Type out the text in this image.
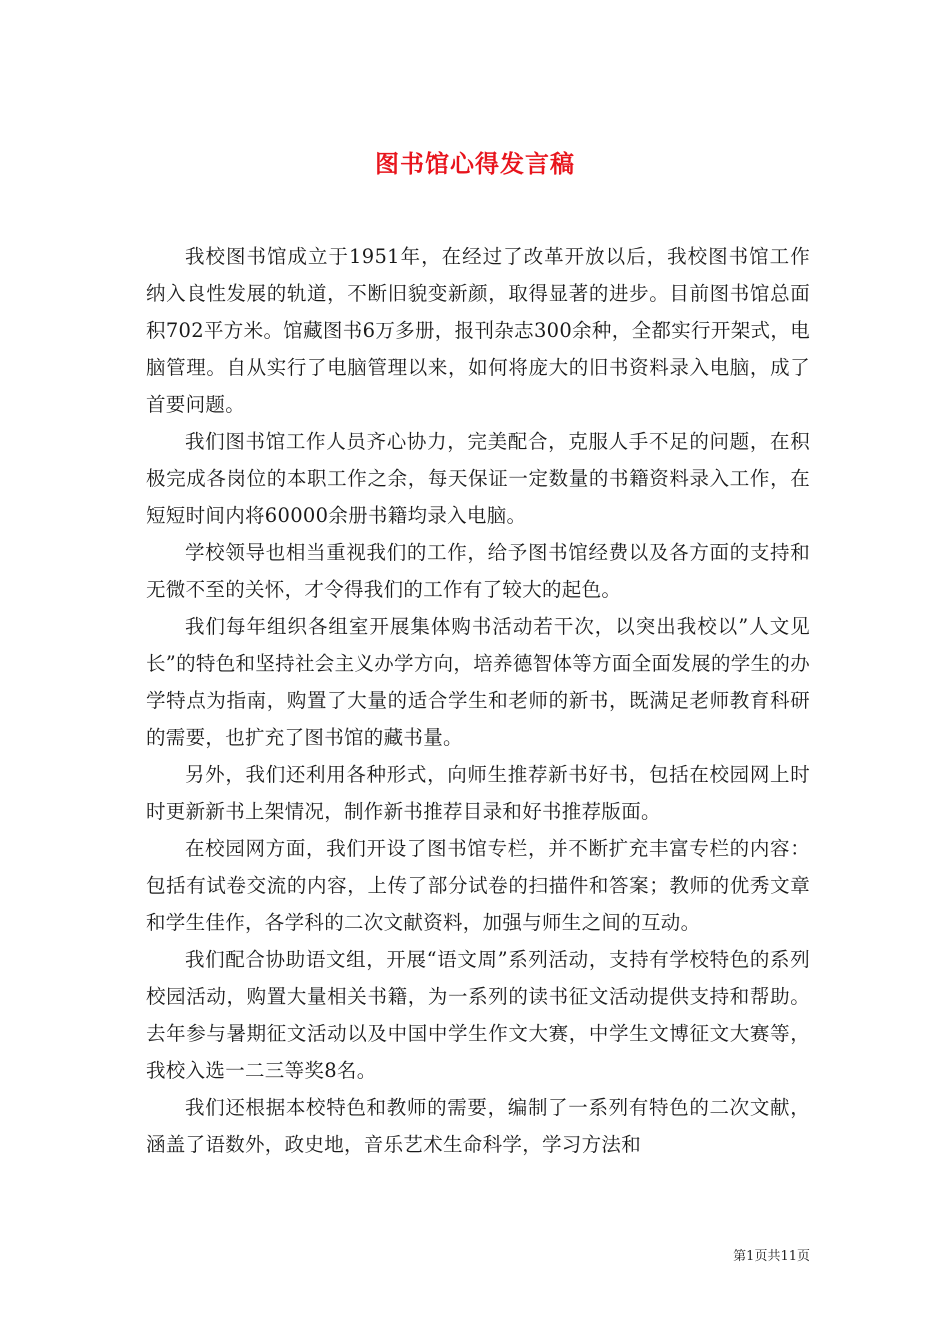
图书馆心得发言稿

我校图书馆成立于1951年，在经过了改革开放以后，我校图书馆工作纳入良性发展的轨道，不断旧貌变新颜，取得显著的进步。目前图书馆总面积702平方米。馆藏图书6万多册，报刊杂志300余种，全都实行开架式，电脑管理。自从实行了电脑管理以来，如何将庞大的旧书资料录入电脑，成了首要问题。

我们图书馆工作人员齐心协力，完美配合，克服人手不足的问题，在积极完成各岗位的本职工作之余，每天保证一定数量的书籍资料录入工作，在短短时间内将60000余册书籍均录入电脑。

学校领导也相当重视我们的工作，给予图书馆经费以及各方面的支持和无微不至的关怀，才令得我们的工作有了较大的起色。

我们每年组织各组室开展集体购书活动若干次，以突出我校以”人文见长”的特色和坚持社会主义办学方向，培养德智体等方面全面发展的学生的办学特点为指南，购置了大量的适合学生和老师的新书，既满足老师教育科研的需要，也扩充了图书馆的藏书量。

另外，我们还利用各种形式，向师生推荐新书好书，包括在校园网上时时更新新书上架情况，制作新书推荐目录和好书推荐版面。

在校园网方面，我们开设了图书馆专栏，并不断扩充丰富专栏的内容：包括有试卷交流的内容，上传了部分试卷的扫描件和答案；教师的优秀文章和学生佳作，各学科的二次文献资料，加强与师生之间的互动。

我们配合协助语文组，开展“语文周”系列活动，支持有学校特色的系列校园活动，购置大量相关书籍，为一系列的读书征文活动提供支持和帮助。去年参与暑期征文活动以及中国中学生作文大赛，中学生文博征文大赛等，我校入选一二三等奖8名。

我们还根据本校特色和教师的需要，编制了一系列有特色的二次文献，涵盖了语数外，政史地，音乐艺术生命科学，学习方法和

第1页共11页
